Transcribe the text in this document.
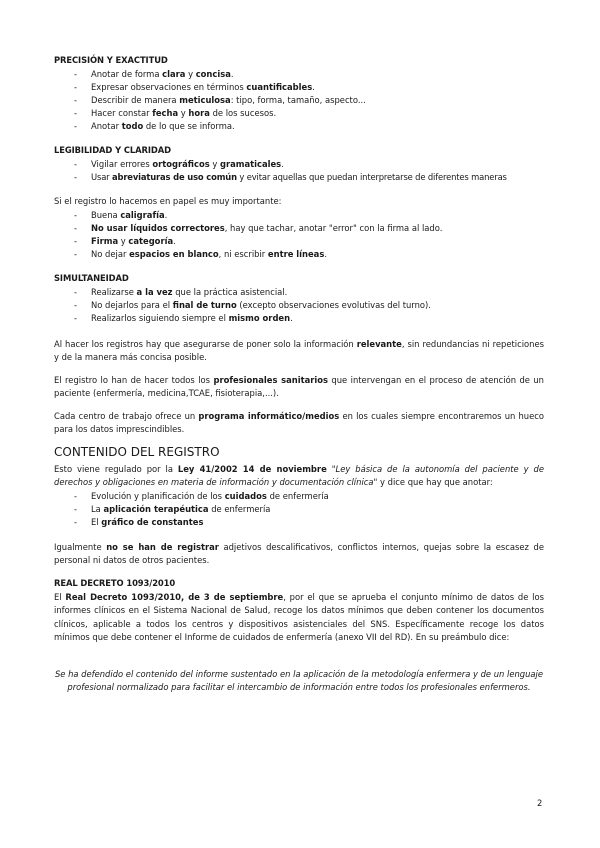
PRECISIÓN Y EXACTITUD
- Anotar de forma clara y concisa.
- Expresar observaciones en términos cuantificables.
- Describir de manera meticulosa: tipo, forma, tamaño, aspecto...
- Hacer constar fecha y hora de los sucesos.
- Anotar todo de lo que se informa.
LEGIBILIDAD Y CLARIDAD
- Vigilar errores ortográficos y gramaticales.
- Usar abreviaturas de uso común y evitar aquellas que puedan interpretarse de diferentes maneras
Si el registro lo hacemos en papel es muy importante:
- Buena caligrafía.
- No usar líquidos correctores, hay que tachar, anotar "error" con la firma al lado.
- Firma y categoría.
- No dejar espacios en blanco, ni escribir entre líneas.
SIMULTANEIDAD
- Realizarse a la vez que la práctica asistencial.
- No dejarlos para el final de turno (excepto observaciones evolutivas del turno).
- Realizarlos siguiendo siempre el mismo orden.
Al hacer los registros hay que asegurarse de poner solo la información relevante, sin redundancias ni repeticiones y de la manera más concisa posible.
El registro lo han de hacer todos los profesionales sanitarios que intervengan en el proceso de atención de un paciente (enfermería, medicina,TCAE, fisioterapia,...).
Cada centro de trabajo ofrece un programa informático/medios en los cuales siempre encontraremos un hueco para los datos imprescindibles.
CONTENIDO DEL REGISTRO
Esto viene regulado por la Ley 41/2002 14 de noviembre "Ley básica de la autonomía del paciente y de derechos y obligaciones en materia de información y documentación clínica" y dice que hay que anotar:
- Evolución y planificación de los cuidados de enfermería
- La aplicación terapéutica de enfermería
- El gráfico de constantes
Igualmente no se han de registrar adjetivos descalificativos, conflictos internos, quejas sobre la escasez de personal ni datos de otros pacientes.
REAL DECRETO 1093/2010
El Real Decreto 1093/2010, de 3 de septiembre, por el que se aprueba el conjunto mínimo de datos de los informes clínicos en el Sistema Nacional de Salud, recoge los datos mínimos que deben contener los documentos clínicos, aplicable a todos los centros y dispositivos asistenciales del SNS. Específicamente recoge los datos mínimos que debe contener el Informe de cuidados de enfermería (anexo VII del RD). En su preámbulo dice:
Se ha defendido el contenido del informe sustentado en la aplicación de la metodología enfermera y de un lenguaje profesional normalizado para facilitar el intercambio de información entre todos los profesionales enfermeros.
2
